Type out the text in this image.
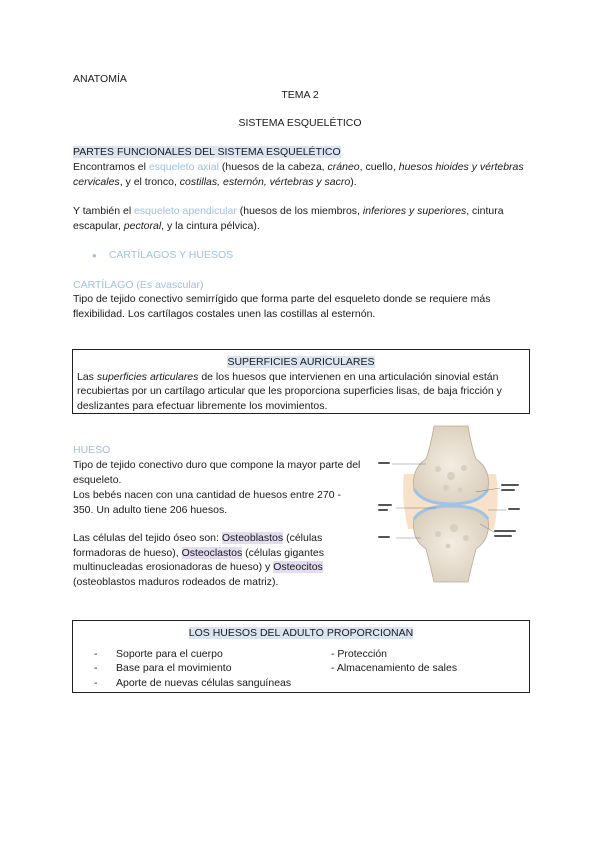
ANATOMÍA
TEMA 2
SISTEMA ESQUELÉTICO
PARTES FUNCIONALES DEL SISTEMA ESQUELÉTICO
Encontramos el esqueleto axial (huesos de la cabeza, cráneo, cuello, huesos hioides y vértebras cervicales, y el tronco, costillas, esternón, vértebras y sacro).
Y también el esqueleto apendicular (huesos de los miembros, inferiores y superiores, cintura escapular, pectoral, y la cintura pélvica).
● CARTÍLAGOS Y HUESOS
CARTÍLAGO (Es avascular)
Tipo de tejido conectivo semirrígido que forma parte del esqueleto donde se requiere más flexibilidad. Los cartílagos costales unen las costillas al esternón.
SUPERFICIES AURICULARES
Las superficies articulares de los huesos que intervienen en una articulación sinovial están recubiertas por un cartílago articular que les proporciona superficies lisas, de baja fricción y deslizantes para efectuar libremente los movimientos.
HUESO
Tipo de tejido conectivo duro que compone la mayor parte del esqueleto.
Los bebés nacen con una cantidad de huesos entre 270 - 350. Un adulto tiene 206 huesos.
Las células del tejido óseo son: Osteoblastos (células formadoras de hueso), Osteoclastos (células gigantes multinucleadas erosionadoras de hueso) y Osteocitos (osteoblastos maduros rodeados de matriz).
LOS HUESOS DEL ADULTO PROPORCIONAN
- Soporte para el cuerpo
- Base para el movimiento
- Aporte de nuevas células sanguíneas
- Protección
- Almacenamiento de sales
